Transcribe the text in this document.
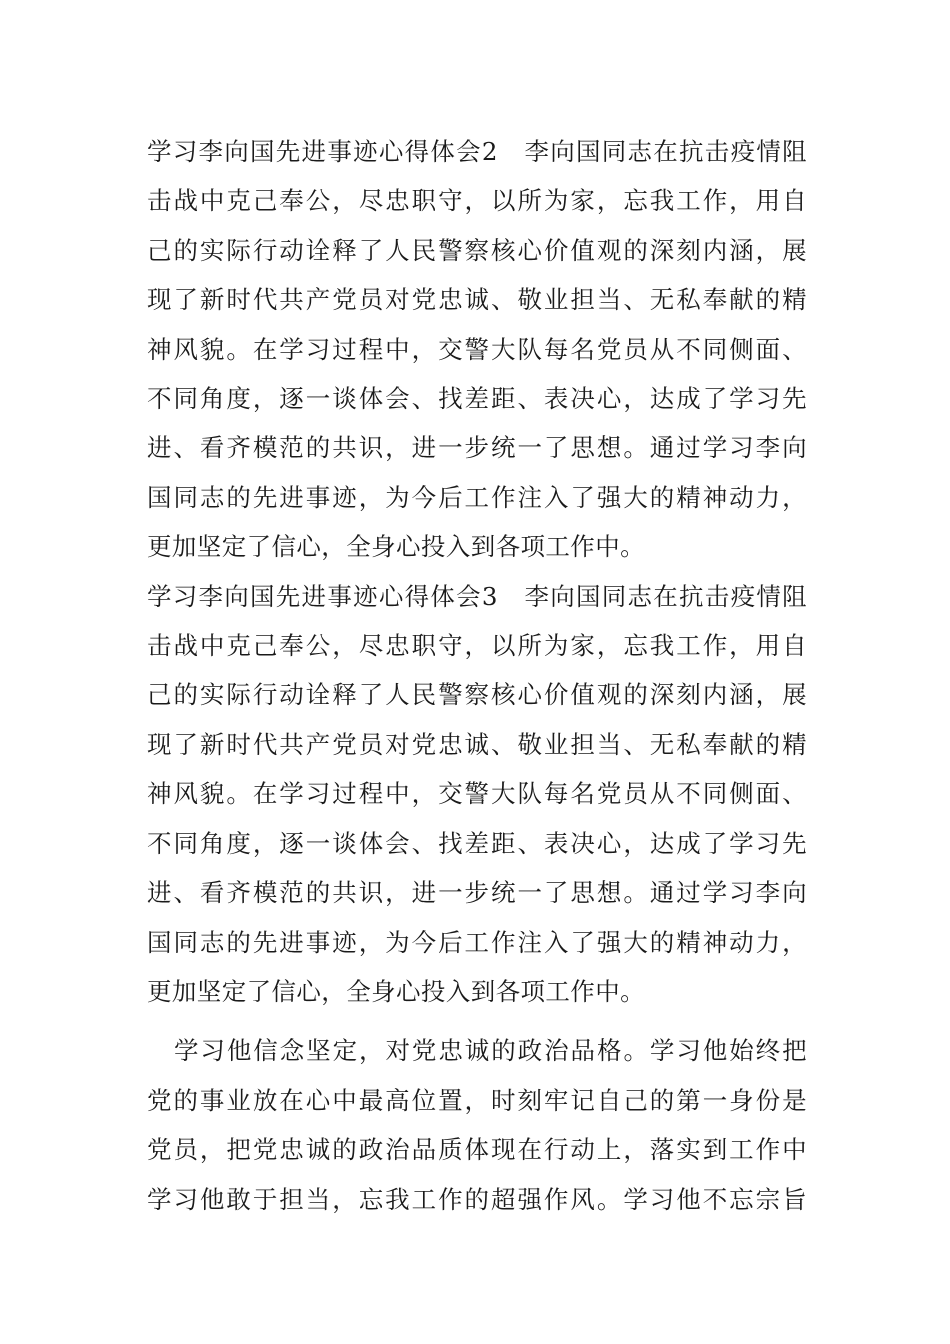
学习李向国先进事迹心得体会2　李向国同志在抗击疫情阻
击战中克己奉公，尽忠职守，以所为家，忘我工作，用自
己的实际行动诠释了人民警察核心价值观的深刻内涵，展
现了新时代共产党员对党忠诚、敬业担当、无私奉献的精
神风貌。在学习过程中，交警大队每名党员从不同侧面、
不同角度，逐一谈体会、找差距、表决心，达成了学习先
进、看齐模范的共识，进一步统一了思想。通过学习李向
国同志的先进事迹，为今后工作注入了强大的精神动力，
更加坚定了信心，全身心投入到各项工作中。
学习李向国先进事迹心得体会3　李向国同志在抗击疫情阻
击战中克己奉公，尽忠职守，以所为家，忘我工作，用自
己的实际行动诠释了人民警察核心价值观的深刻内涵，展
现了新时代共产党员对党忠诚、敬业担当、无私奉献的精
神风貌。在学习过程中，交警大队每名党员从不同侧面、
不同角度，逐一谈体会、找差距、表决心，达成了学习先
进、看齐模范的共识，进一步统一了思想。通过学习李向
国同志的先进事迹，为今后工作注入了强大的精神动力，
更加坚定了信心，全身心投入到各项工作中。
学习他信念坚定，对党忠诚的政治品格。学习他始终把
党的事业放在心中最高位置，时刻牢记自己的第一身份是
党员，把党忠诚的政治品质体现在行动上，落实到工作中
学习他敢于担当，忘我工作的超强作风。学习他不忘宗旨
